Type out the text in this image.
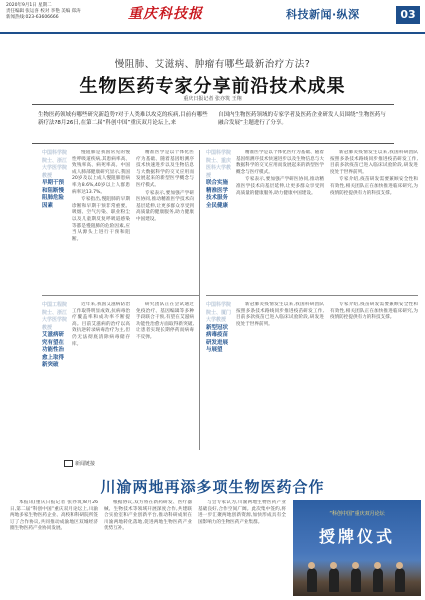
2020年9月1日 星期二
责任编辑 张运喜 校对 李艳 美编 郑涛
新闻热线:023-63606666	重庆科技报	科技新闻·纵深	03
慢阻肺、艾滋病、肿瘤有哪些最新治疗方法?
生物医药专家分享前沿技术成果
重庆日报记者 张亦筑 王翔
生物医药领域有哪些研究新趋势?对于人类难以攻克的疾病,目前有哪些新疗法?8月26日,在第二届“科创中国”重庆双月论坛上,来
自国内生物医药领域的专家学者及医药企业研发人员围绕“生物医药与融合发展”主题进行了分享。
中国科学院院士、浙江大学医学院教授
早期干预和阻断慢阻肺危险因素
慢阻肺是我国常见的慢性呼吸道疾病,其患病率高、致残率高、病死率高。中国成人肺部健康研究显示,我国20岁及以上成人慢阻肺患病率为8.6%,40岁以上人群患病率达13.7%。
专家指出,慢阻肺的早期诊断和早期干预非常重要。吸烟、空气污染、职业粉尘以及儿童期反复呼吸道感染等都是慢阻肺的危险因素,应当从源头上进行干预和阻断。
精准医学是以个体化医疗为基础、随着基因组测序技术快速进步以及生物信息与大数据科学的交叉应用而发展起来的新型医学概念与医疗模式。
专家表示,要加强产学研医协同,推动精准医学技术向基层延伸,让更多群众享受到高质量的健康服务,助力健康中国建设。
中国科学院院士、重庆医科大学教授
联合实施精准医学技术服务全民健康
精准医学是以个体化医疗为基础、随着基因组测序技术快速进步以及生物信息与大数据科学的交叉应用而发展起来的新型医学概念与医疗模式。
专家表示,要加强产学研医协同,推动精准医学技术向基层延伸,让更多群众享受到高质量的健康服务,助力健康中国建设。
新冠肺炎疫情发生以来,我国科研团队按照多条技术路线同步推进疫苗研发工作,目前多款疫苗已进入临床试验阶段,研发进度处于世界前列。
专家介绍,疫苗研发需要兼顾安全性和有效性,相关团队正在加快推进临床研究,为疫情防控提供有力的科技支撑。
中国工程院院士、浙江大学医学院教授
艾滋病研究有望在功能性治愈上取得新突破
近年来,我国艾滋病防治工作取得明显成效,抗病毒治疗覆盖率和成功率不断提高。目前艾滋病的治疗以高效抗逆转录病毒治疗为主,但仍无法彻底清除病毒储存库。
研究团队正在尝试通过免疫治疗、基因编辑等多种手段联合干预,有望在艾滋病功能性治愈方面取得新突破,让患者实现长期停药而病毒不反弹。
中国科学院院士、厦门大学教授
新型冠状病毒疫苗研发进展与展望
新冠肺炎疫情发生以来,我国科研团队按照多条技术路线同步推进疫苗研发工作,目前多款疫苗已进入临床试验阶段,研发进度处于世界前列。
专家介绍,疫苗研发需要兼顾安全性和有效性,相关团队正在加快推进临床研究,为疫情防控提供有力的科技支撑。
新闻链接
川渝两地再添多项生物医药合作
本报讯(重庆日报记者 张亦筑)8月26日,第二届“科创中国”重庆双月论坛上,川渝两地多家生物医药企业、高校和科研院所签订了合作协议,共同推动成渝地区双城经济圈生物医药产业协同发展。
根据协议,双方将在新药研发、医疗器械、生物技术等领域开展深度合作,共建联合实验室和产业创新平台,推动科研成果在川渝两地转化落地,促进两地生物医药产业优势互补。
与会专家认为,川渝两地生物医药产业基础良好,合作空间广阔。此次集中签约,将进一步汇聚两地创新资源,加快形成具有全国影响力的生物医药产业集群。
“科创中国”重庆双月论坛
授牌仪式
